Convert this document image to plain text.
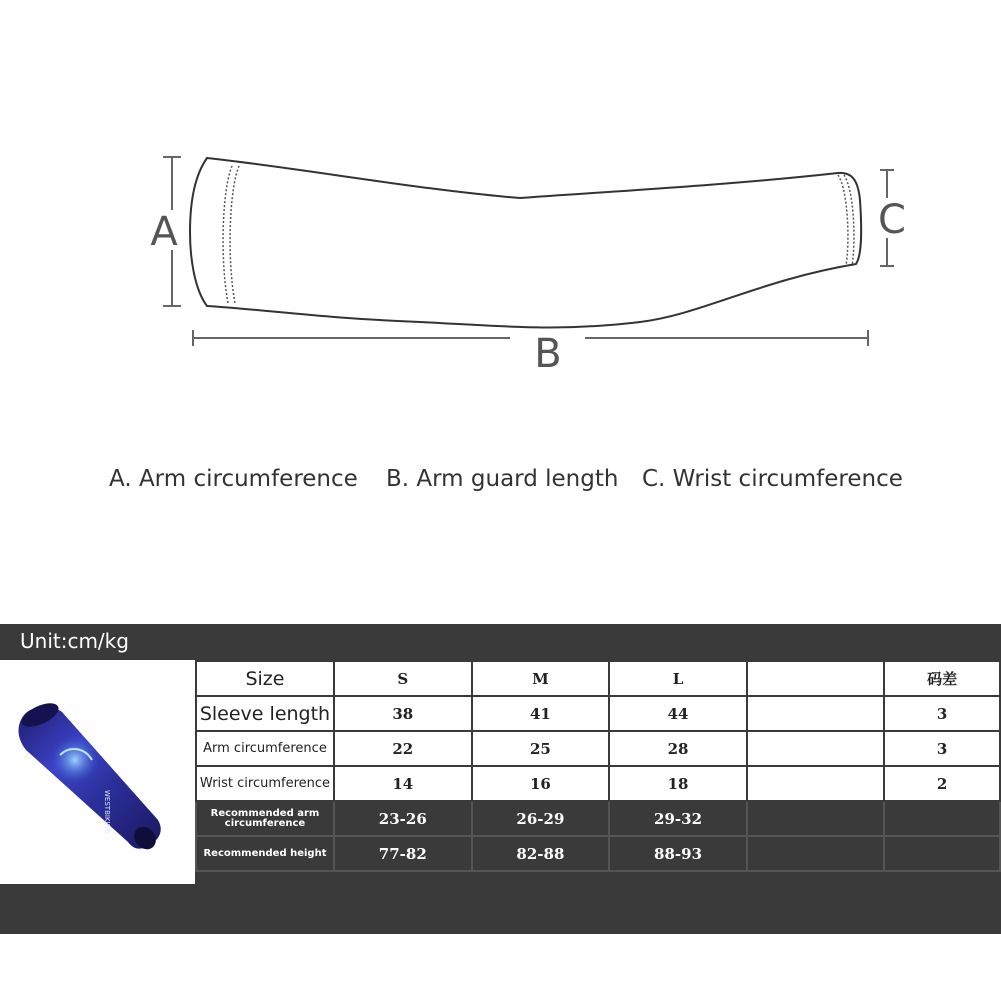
A	C
B
A. Arm circumference B. Arm guard length C. Wrist circumference
Unit:cm/kg
WESTBIKING
Size	S	M	L		码差
Sleeve length	38	41	44		3
Arm circumference	22	25	28		3
Wrist circumference	14	16	18		2
Recommended arm circumference	23-26	26-29	29-32		
Recommended height	77-82	82-88	88-93		
